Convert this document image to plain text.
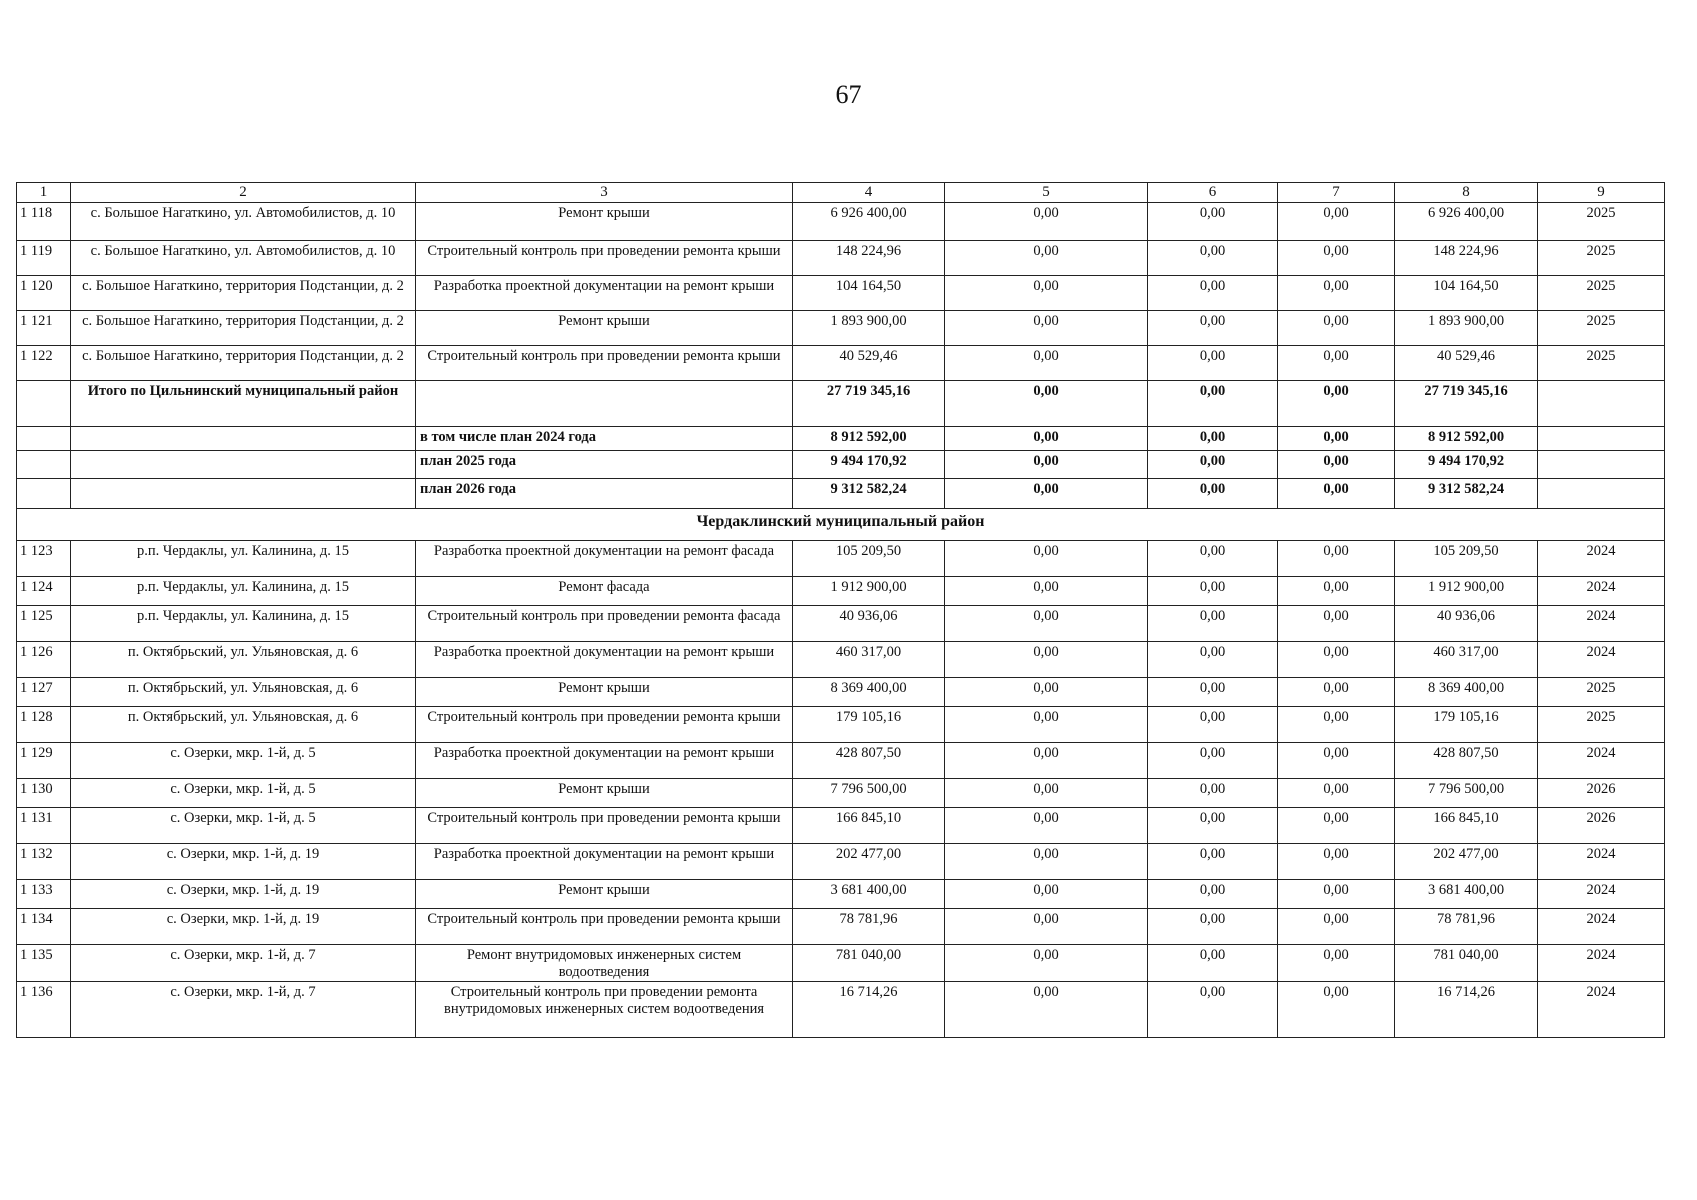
67
1	2	3	4	5	6	7	8	9
1 118	с. Большое Нагаткино, ул. Автомобилистов, д. 10	Ремонт крыши	6 926 400,00	0,00	0,00	0,00	6 926 400,00	2025
1 119	с. Большое Нагаткино, ул. Автомобилистов, д. 10	Строительный контроль при проведении ремонта крыши	148 224,96	0,00	0,00	0,00	148 224,96	2025
1 120	с. Большое Нагаткино, территория Подстанции, д. 2	Разработка проектной документации на ремонт крыши	104 164,50	0,00	0,00	0,00	104 164,50	2025
1 121	с. Большое Нагаткино, территория Подстанции, д. 2	Ремонт крыши	1 893 900,00	0,00	0,00	0,00	1 893 900,00	2025
1 122	с. Большое Нагаткино, территория Подстанции, д. 2	Строительный контроль при проведении ремонта крыши	40 529,46	0,00	0,00	0,00	40 529,46	2025
	Итого по Цильнинский муниципальный район		27 719 345,16	0,00	0,00	0,00	27 719 345,16	
		в том числе план 2024 года	8 912 592,00	0,00	0,00	0,00	8 912 592,00	
		план 2025 года	9 494 170,92	0,00	0,00	0,00	9 494 170,92	
		план 2026 года	9 312 582,24	0,00	0,00	0,00	9 312 582,24	
Чердаклинский муниципальный район								
1 123	р.п. Чердаклы, ул. Калинина, д. 15	Разработка проектной документации на ремонт фасада	105 209,50	0,00	0,00	0,00	105 209,50	2024
1 124	р.п. Чердаклы, ул. Калинина, д. 15	Ремонт фасада	1 912 900,00	0,00	0,00	0,00	1 912 900,00	2024
1 125	р.п. Чердаклы, ул. Калинина, д. 15	Строительный контроль при проведении ремонта фасада	40 936,06	0,00	0,00	0,00	40 936,06	2024
1 126	п. Октябрьский, ул. Ульяновская, д. 6	Разработка проектной документации на ремонт крыши	460 317,00	0,00	0,00	0,00	460 317,00	2024
1 127	п. Октябрьский, ул. Ульяновская, д. 6	Ремонт крыши	8 369 400,00	0,00	0,00	0,00	8 369 400,00	2025
1 128	п. Октябрьский, ул. Ульяновская, д. 6	Строительный контроль при проведении ремонта крыши	179 105,16	0,00	0,00	0,00	179 105,16	2025
1 129	с. Озерки, мкр. 1-й, д. 5	Разработка проектной документации на ремонт крыши	428 807,50	0,00	0,00	0,00	428 807,50	2024
1 130	с. Озерки, мкр. 1-й, д. 5	Ремонт крыши	7 796 500,00	0,00	0,00	0,00	7 796 500,00	2026
1 131	с. Озерки, мкр. 1-й, д. 5	Строительный контроль при проведении ремонта крыши	166 845,10	0,00	0,00	0,00	166 845,10	2026
1 132	с. Озерки, мкр. 1-й, д. 19	Разработка проектной документации на ремонт крыши	202 477,00	0,00	0,00	0,00	202 477,00	2024
1 133	с. Озерки, мкр. 1-й, д. 19	Ремонт крыши	3 681 400,00	0,00	0,00	0,00	3 681 400,00	2024
1 134	с. Озерки, мкр. 1-й, д. 19	Строительный контроль при проведении ремонта крыши	78 781,96	0,00	0,00	0,00	78 781,96	2024
1 135	с. Озерки, мкр. 1-й, д. 7	Ремонт внутридомовых инженерных систем водоотведения	781 040,00	0,00	0,00	0,00	781 040,00	2024
1 136	с. Озерки, мкр. 1-й, д. 7	Строительный контроль при проведении ремонта внутридомовых инженерных систем водоотведения	16 714,26	0,00	0,00	0,00	16 714,26	2024
